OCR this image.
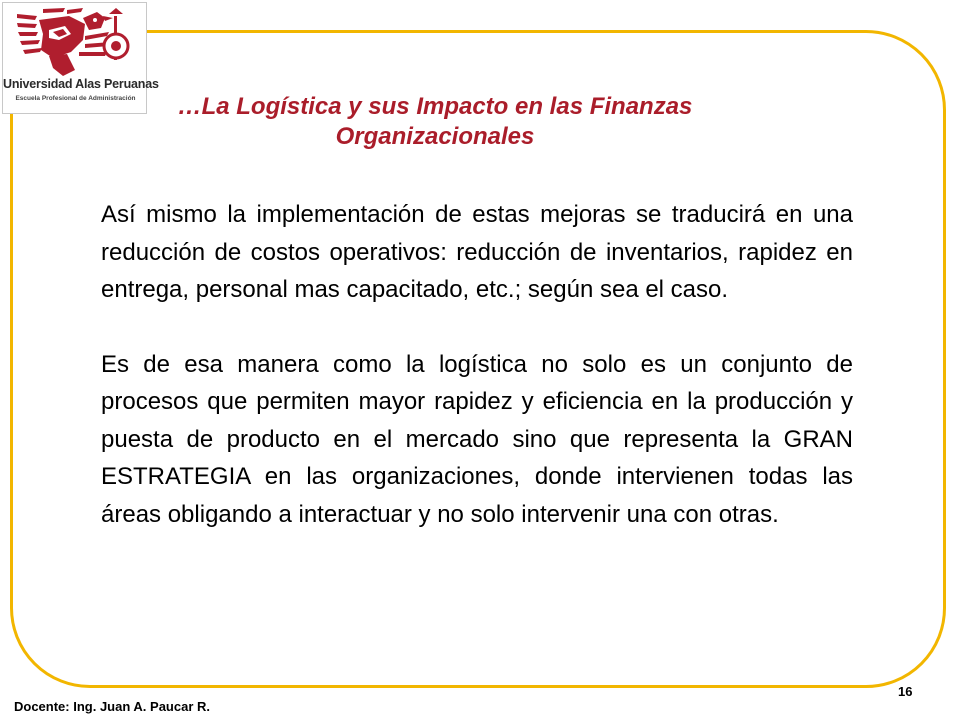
Universidad Alas Peruanas
Escuela Profesional de Administración	…La Logística y sus Impacto en las Finanzas
Organizacionales

Así mismo la implementación de estas mejoras se traducirá en una reducción de costos operativos: reducción de inventarios, rapidez en entrega, personal mas capacitado, etc.; según sea el caso.

Es de esa manera como la logística no solo es un conjunto de procesos que permiten mayor rapidez y eficiencia en la producción y puesta de producto en el mercado sino que representa la GRAN ESTRATEGIA en las organizaciones, donde intervienen todas las áreas obligando a interactuar y no solo intervenir una con otras.

Docente: Ing. Juan A. Paucar R.
16
